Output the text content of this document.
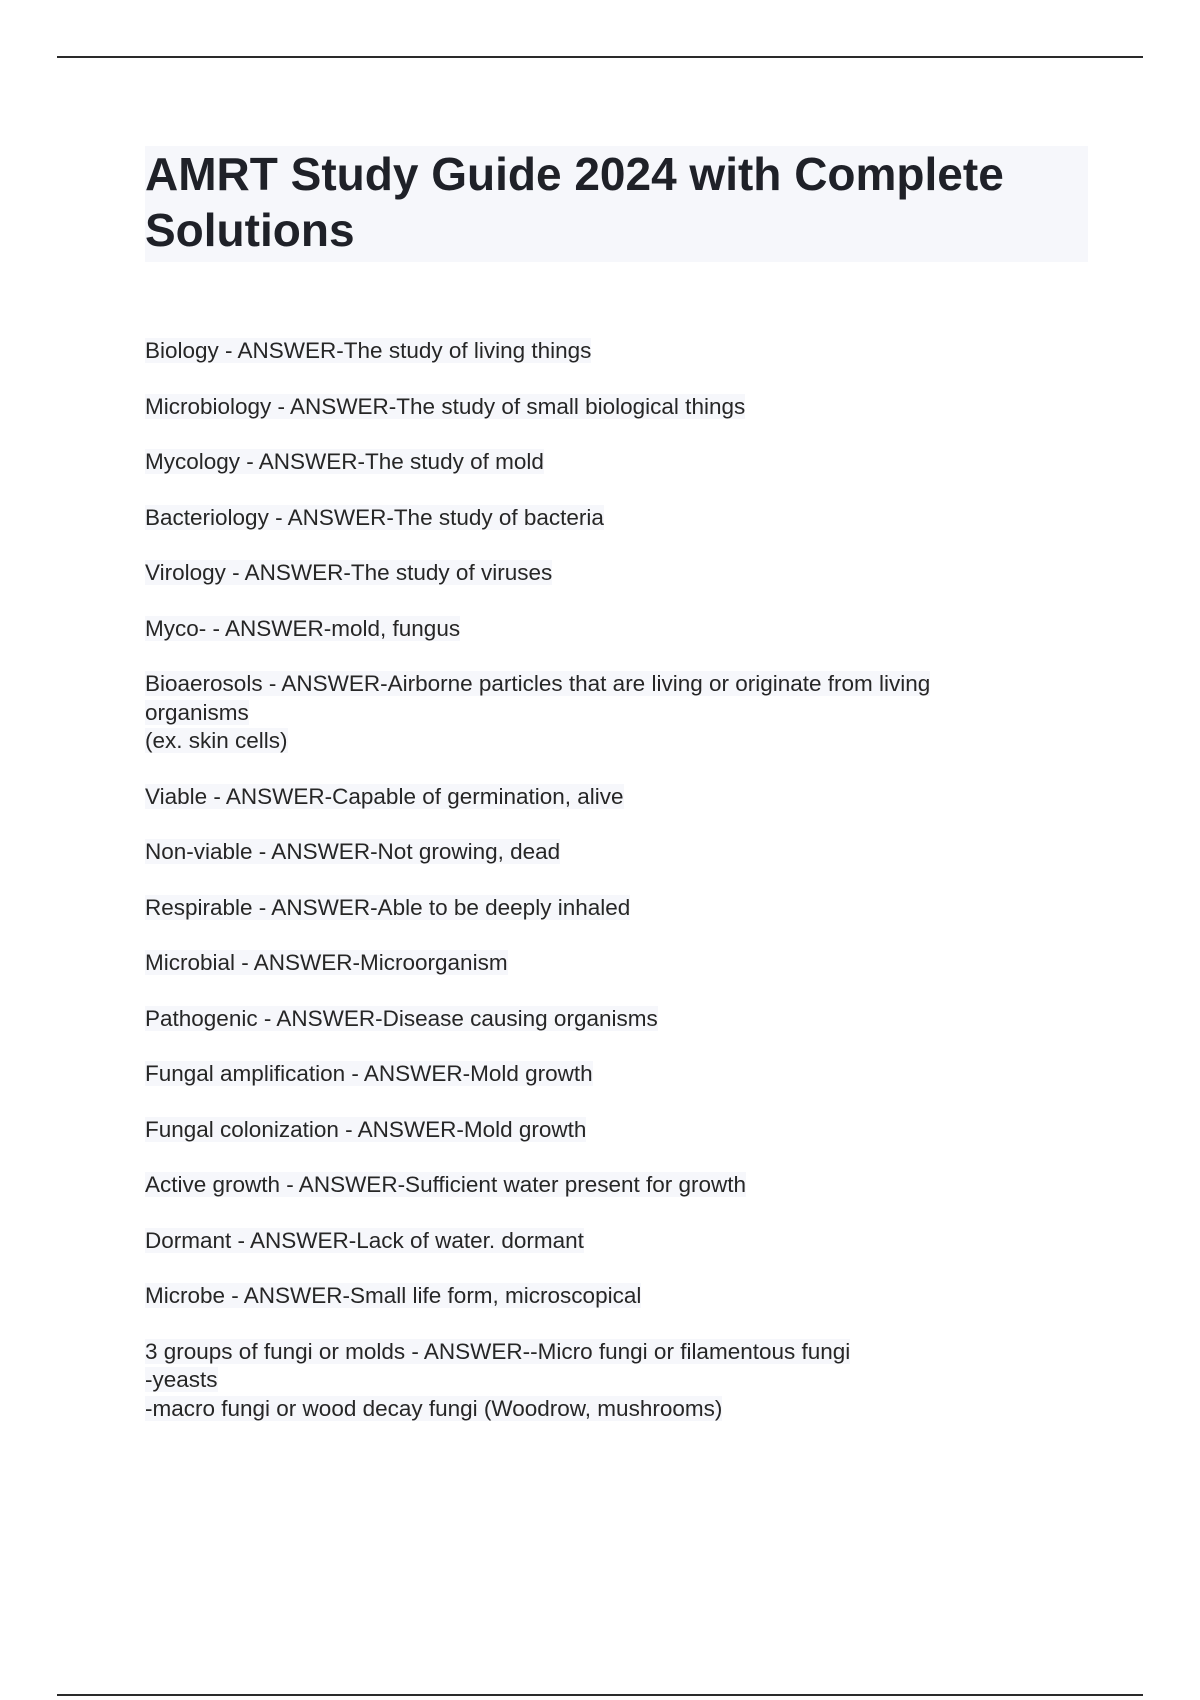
AMRT Study Guide 2024 with Complete Solutions
Biology - ANSWER-The study of living things
Microbiology - ANSWER-The study of small biological things
Mycology - ANSWER-The study of mold
Bacteriology - ANSWER-The study of bacteria
Virology - ANSWER-The study of viruses
Myco- - ANSWER-mold, fungus
Bioaerosols - ANSWER-Airborne particles that are living or originate from living
organisms
(ex. skin cells)
Viable - ANSWER-Capable of germination, alive
Non-viable - ANSWER-Not growing, dead
Respirable - ANSWER-Able to be deeply inhaled
Microbial - ANSWER-Microorganism
Pathogenic - ANSWER-Disease causing organisms
Fungal amplification - ANSWER-Mold growth
Fungal colonization - ANSWER-Mold growth
Active growth - ANSWER-Sufficient water present for growth
Dormant - ANSWER-Lack of water. dormant
Microbe - ANSWER-Small life form, microscopical
3 groups of fungi or molds - ANSWER--Micro fungi or filamentous fungi
-yeasts
-macro fungi or wood decay fungi (Woodrow, mushrooms)
